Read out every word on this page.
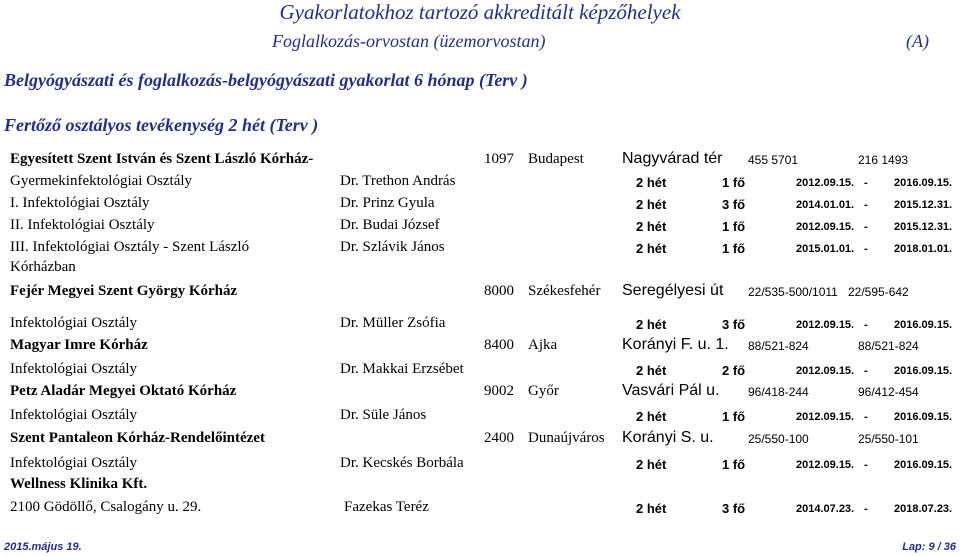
Gyakorlatokhoz tartozó akkreditált képzőhelyek
Foglalkozás-orvostan (üzemorvostan)	(A)
Belgyógyászati és foglalkozás-belgyógyászati gyakorlat 6 hónap (Terv )
Fertőző osztályos tevékenység 2 hét (Terv )
Egyesített Szent István és Szent László Kórház-	1097 Budapest Nagyvárad tér 455 5701	216 1493
Gyermekinfektológiai Osztály	Dr. Trethon András	2 hét	1 fő	2012.09.15. - 2016.09.15.
I. Infektológiai Osztály	Dr. Prinz Gyula	2 hét	3 fő	2014.01.01. - 2015.12.31.
II. Infektológiai Osztály	Dr. Budai József	2 hét	1 fő	2012.09.15. - 2015.12.31.
III. Infektológiai Osztály - Szent László
Kórházban
Dr. Szlávik János	2 hét	1 fő	2015.01.01. - 2018.01.01.
Fejér Megyei Szent György Kórház	8000 Székesfehér Seregélyesi út 22/535-500/1011 22/595-642
Infektológiai Osztály	Dr. Müller Zsófia	2 hét	3 fő	2012.09.15. - 2016.09.15.
Magyar Imre Kórház	8400 Ajka	Korányi F. u. 1. 88/521-824	88/521-824
Infektológiai Osztály	Dr. Makkai Erzsébet	2 hét	2 fő	2012.09.15. - 2016.09.15.
Petz Aladár Megyei Oktató Kórház	9002 Győr	Vasvári Pál u. 96/418-244	96/412-454
Infektológiai Osztály	Dr. Süle János	2 hét	1 fő	2012.09.15. - 2016.09.15.
Szent Pantaleon Kórház-Rendelőintézet	2400 Dunaújváros Korányi S. u.	25/550-100	25/550-101
Infektológiai Osztály	Dr. Kecskés Borbála	2 hét	1 fő	2012.09.15. - 2016.09.15.
Wellness Klinika Kft.
2100 Gödöllő, Csalogány u. 29.	Fazekas Teréz	2 hét	3 fő	2014.07.23. - 2018.07.23.
2015.május 19.	Lap: 9 / 36
